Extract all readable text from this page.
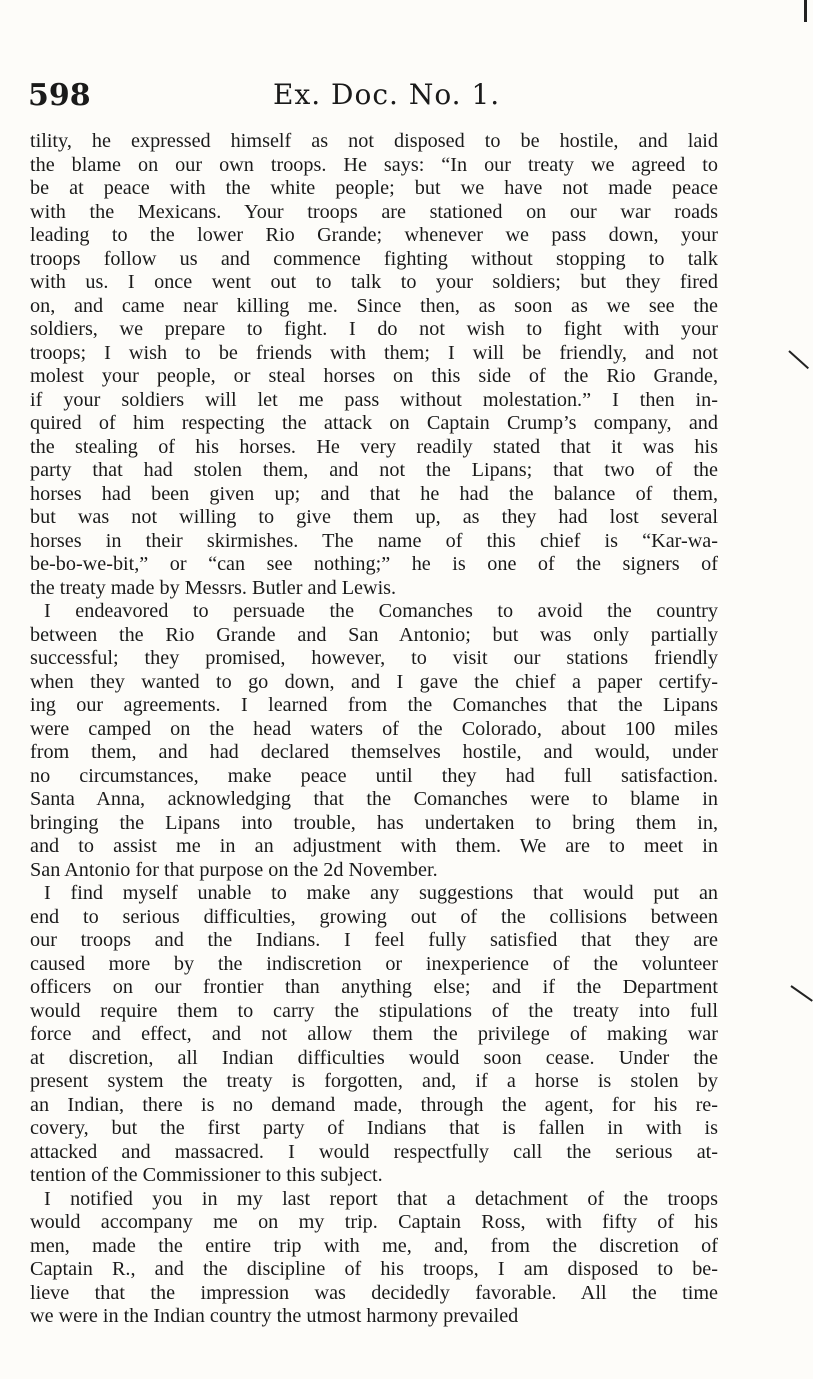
598	Ex. Doc. No. 1.
tility, he expressed himself as not disposed to be hostile, and laid
the blame on our own troops. He says: “In our treaty we agreed to
be at peace with the white people; but we have not made peace
with the Mexicans. Your troops are stationed on our war roads
leading to the lower Rio Grande; whenever we pass down, your
troops follow us and commence fighting without stopping to talk
with us. I once went out to talk to your soldiers; but they fired
on, and came near killing me. Since then, as soon as we see the
soldiers, we prepare to fight. I do not wish to fight with your
troops; I wish to be friends with them; I will be friendly, and not
molest your people, or steal horses on this side of the Rio Grande,
if your soldiers will let me pass without molestation.” I then in-
quired of him respecting the attack on Captain Crump’s company, and
the stealing of his horses. He very readily stated that it was his
party that had stolen them, and not the Lipans; that two of the
horses had been given up; and that he had the balance of them,
but was not willing to give them up, as they had lost several
horses in their skirmishes. The name of this chief is “Kar-wa-
be-bo-we-bit,” or “can see nothing;” he is one of the signers of
the treaty made by Messrs. Butler and Lewis.
I endeavored to persuade the Comanches to avoid the country
between the Rio Grande and San Antonio; but was only partially
successful; they promised, however, to visit our stations friendly
when they wanted to go down, and I gave the chief a paper certify-
ing our agreements. I learned from the Comanches that the Lipans
were camped on the head waters of the Colorado, about 100 miles
from them, and had declared themselves hostile, and would, under
no circumstances, make peace until they had full satisfaction.
Santa Anna, acknowledging that the Comanches were to blame in
bringing the Lipans into trouble, has undertaken to bring them in,
and to assist me in an adjustment with them. We are to meet in
San Antonio for that purpose on the 2d November.
I find myself unable to make any suggestions that would put an
end to serious difficulties, growing out of the collisions between
our troops and the Indians. I feel fully satisfied that they are
caused more by the indiscretion or inexperience of the volunteer
officers on our frontier than anything else; and if the Department
would require them to carry the stipulations of the treaty into full
force and effect, and not allow them the privilege of making war
at discretion, all Indian difficulties would soon cease. Under the
present system the treaty is forgotten, and, if a horse is stolen by
an Indian, there is no demand made, through the agent, for his re-
covery, but the first party of Indians that is fallen in with is
attacked and massacred. I would respectfully call the serious at-
tention of the Commissioner to this subject.
I notified you in my last report that a detachment of the troops
would accompany me on my trip. Captain Ross, with fifty of his
men, made the entire trip with me, and, from the discretion of
Captain R., and the discipline of his troops, I am disposed to be-
lieve that the impression was decidedly favorable. All the time
we were in the Indian country the utmost harmony prevailed
